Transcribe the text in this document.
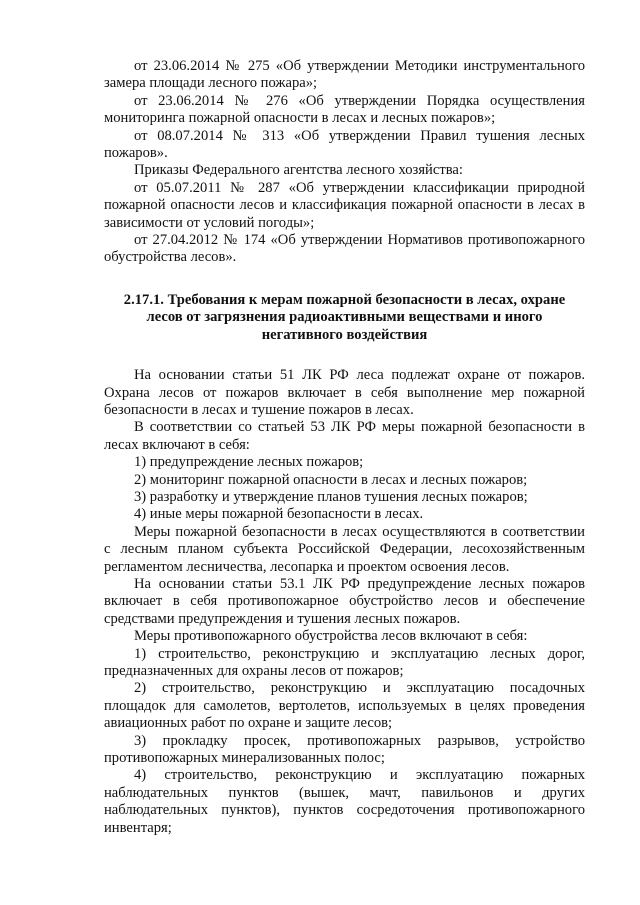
от 23.06.2014 № 275 «Об утверждении Методики инструментального замера площади лесного пожара»;

от 23.06.2014 № 276 «Об утверждении Порядка осуществления мониторинга пожарной опасности в лесах и лесных пожаров»;

от 08.07.2014 № 313 «Об утверждении Правил тушения лесных пожаров».

Приказы Федерального агентства лесного хозяйства:

от 05.07.2011 № 287 «Об утверждении классификации природной пожарной опасности лесов и классификация пожарной опасности в лесах в зависимости от условий погоды»;

от 27.04.2012 № 174 «Об утверждении Нормативов противопожарного обустройства лесов».

2.17.1. Требования к мерам пожарной безопасности в лесах, охране лесов от загрязнения радиоактивными веществами и иного негативного воздействия

На основании статьи 51 ЛК РФ леса подлежат охране от пожаров. Охрана лесов от пожаров включает в себя выполнение мер пожарной безопасности в лесах и тушение пожаров в лесах.

В соответствии со статьей 53 ЛК РФ меры пожарной безопасности в лесах включают в себя:

1) предупреждение лесных пожаров;

2) мониторинг пожарной опасности в лесах и лесных пожаров;

3) разработку и утверждение планов тушения лесных пожаров;

4) иные меры пожарной безопасности в лесах.

Меры пожарной безопасности в лесах осуществляются в соответствии с лесным планом субъекта Российской Федерации, лесохозяйственным регламентом лесничества, лесопарка и проектом освоения лесов.

На основании статьи 53.1 ЛК РФ предупреждение лесных пожаров включает в себя противопожарное обустройство лесов и обеспечение средствами предупреждения и тушения лесных пожаров.

Меры противопожарного обустройства лесов включают в себя:

1) строительство, реконструкцию и эксплуатацию лесных дорог, предназначенных для охраны лесов от пожаров;

2) строительство, реконструкцию и эксплуатацию посадочных площадок для самолетов, вертолетов, используемых в целях проведения авиационных работ по охране и защите лесов;

3) прокладку просек, противопожарных разрывов, устройство противопожарных минерализованных полос;

4) строительство, реконструкцию и эксплуатацию пожарных наблюдательных пунктов (вышек, мачт, павильонов и других наблюдательных пунктов), пунктов сосредоточения противопожарного инвентаря;
